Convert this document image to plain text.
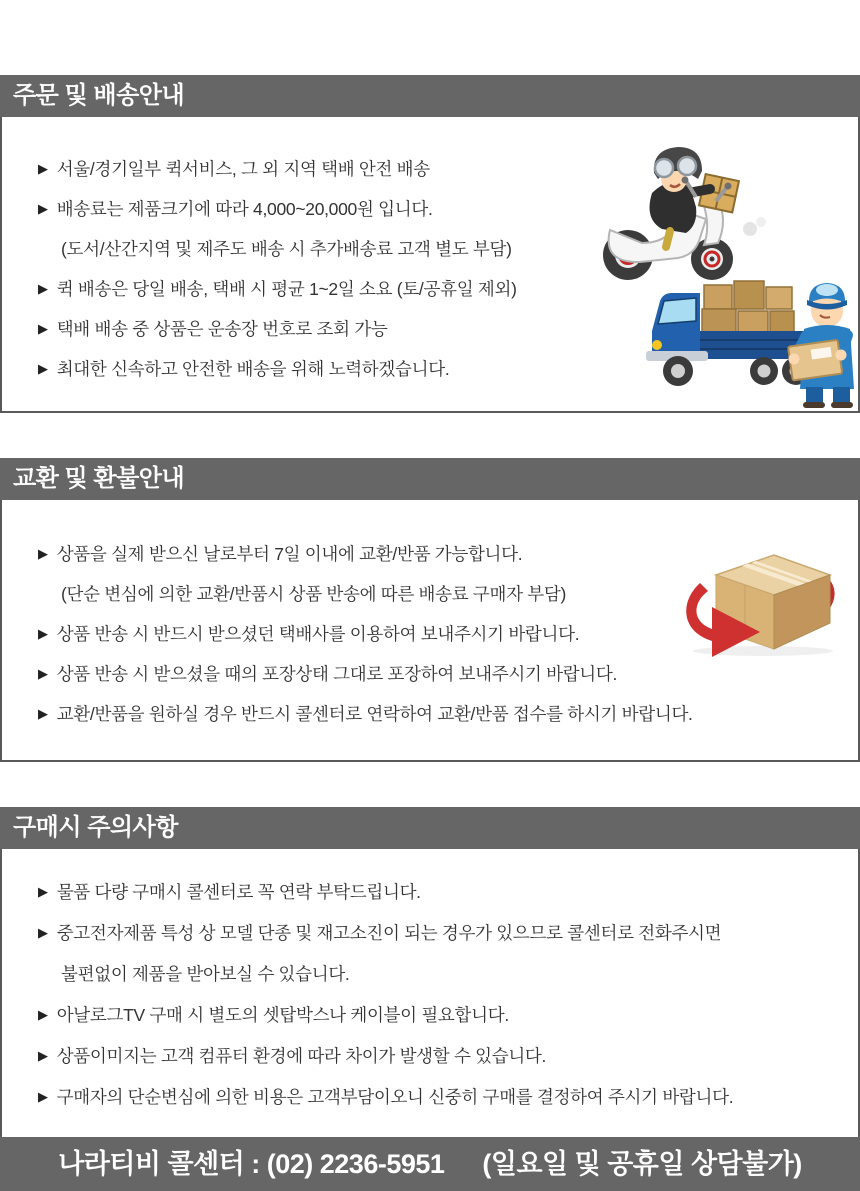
주문 및 배송안내
▶ 서울/경기일부 퀵서비스, 그 외 지역 택배 안전 배송
▶ 배송료는 제품크기에 따라 4,000~20,000원 입니다.
(도서/산간지역 및 제주도 배송 시 추가배송료 고객 별도 부담)
▶ 퀵 배송은 당일 배송, 택배 시 평균 1~2일 소요 (토/공휴일 제외)
▶ 택배 배송 중 상품은 운송장 번호로 조회 가능
▶ 최대한 신속하고 안전한 배송을 위해 노력하겠습니다.
교환 및 환불안내
▶ 상품을 실제 받으신 날로부터 7일 이내에 교환/반품 가능합니다.
(단순 변심에 의한 교환/반품시 상품 반송에 따른 배송료 구매자 부담)
▶ 상품 반송 시 반드시 받으셨던 택배사를 이용하여 보내주시기 바랍니다.
▶ 상품 반송 시 받으셨을 때의 포장상태 그대로 포장하여 보내주시기 바랍니다.
▶ 교환/반품을 원하실 경우 반드시 콜센터로 연락하여 교환/반품 접수를 하시기 바랍니다.
구매시 주의사항
▶ 물품 다량 구매시 콜센터로 꼭 연락 부탁드립니다.
▶ 중고전자제품 특성 상 모델 단종 및 재고소진이 되는 경우가 있으므로 콜센터로 전화주시면
불편없이 제품을 받아보실 수 있습니다.
▶ 아날로그TV 구매 시 별도의 셋탑박스나 케이블이 필요합니다.
▶ 상품이미지는 고객 컴퓨터 환경에 따라 차이가 발생할 수 있습니다.
▶ 구매자의 단순변심에 의한 비용은 고객부담이오니 신중히 구매를 결정하여 주시기 바랍니다.
나라티비 콜센터 : (02) 2236-5951 (일요일 및 공휴일 상담불가)
